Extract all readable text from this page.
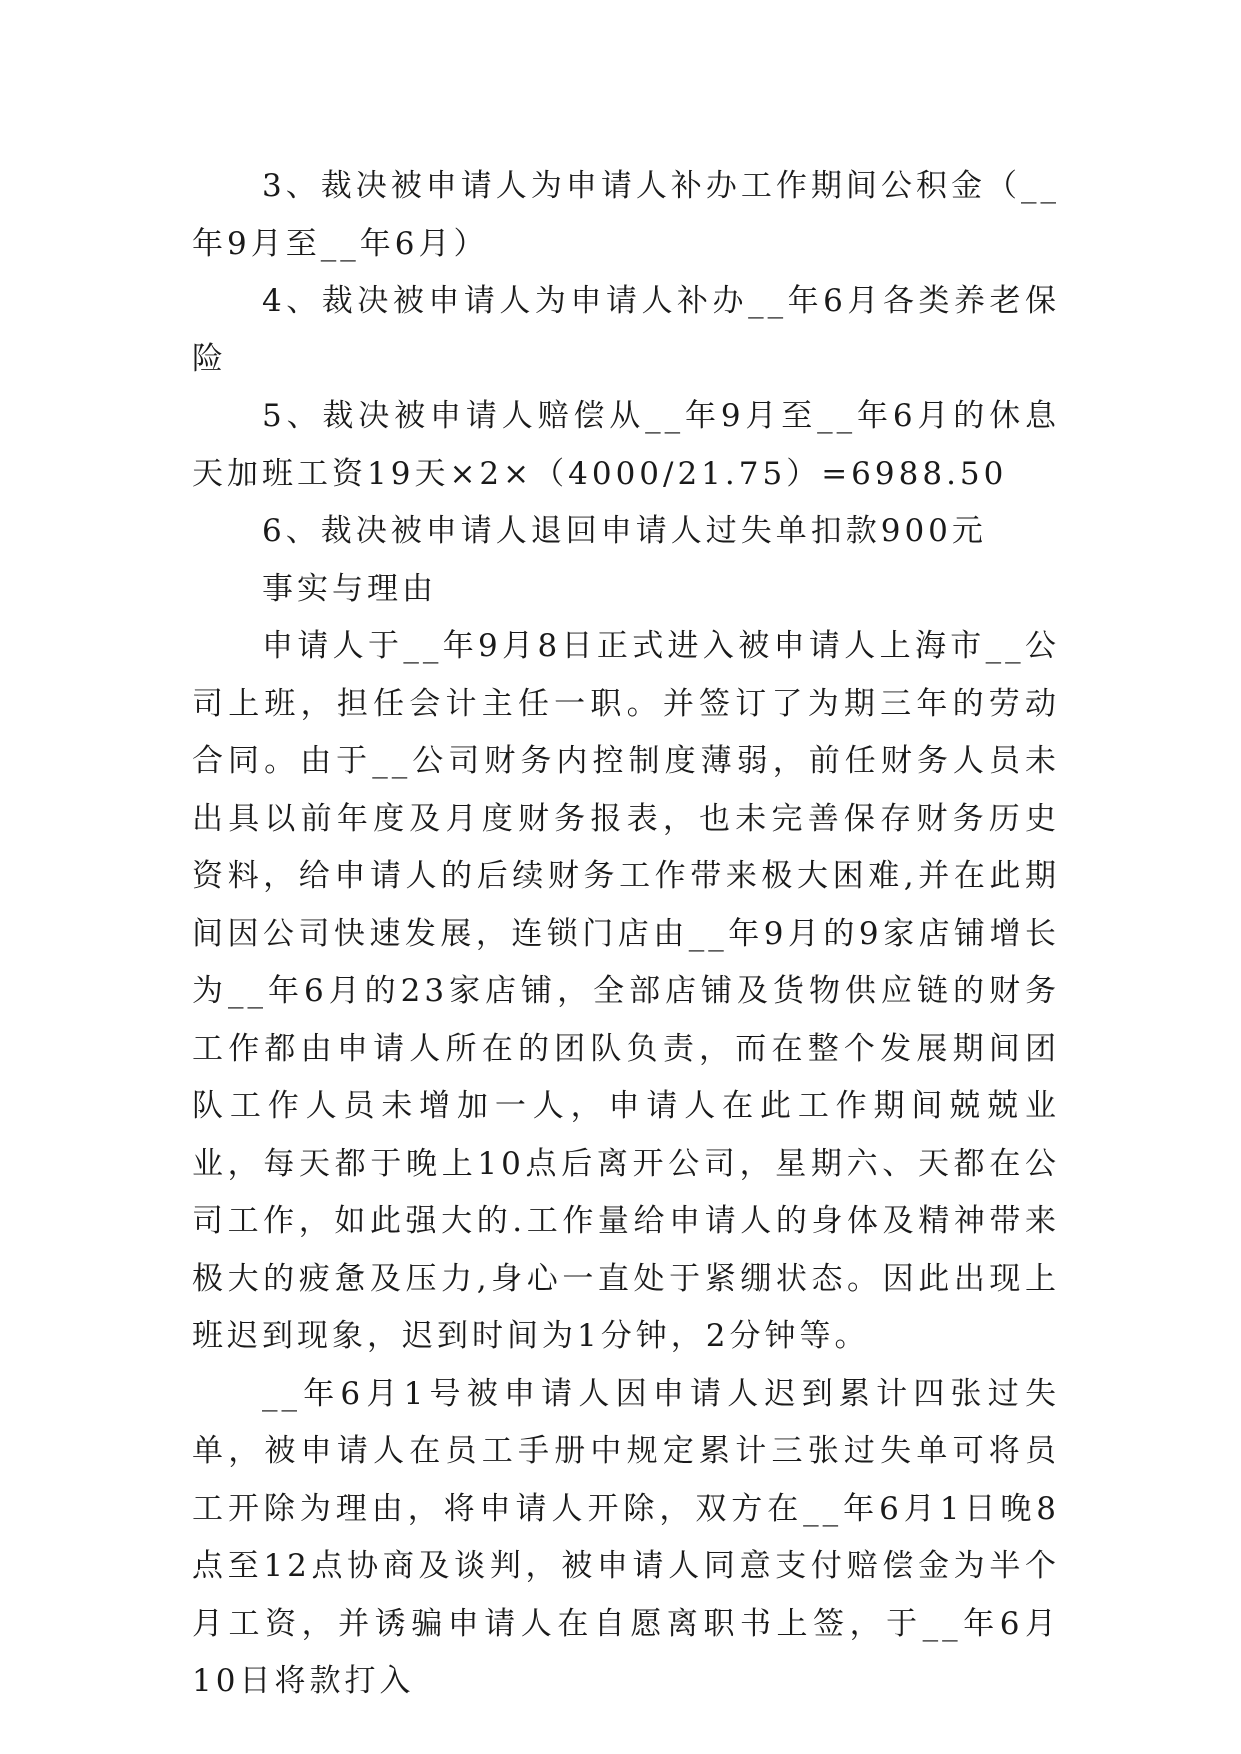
3、裁决被申请人为申请人补办工作期间公积金（__年9月至__年6月）

4、裁决被申请人为申请人补办__年6月各类养老保险

5、裁决被申请人赔偿从__年9月至__年6月的休息天加班工资19天×2×（4000/21.75）=6988.50

6、裁决被申请人退回申请人过失单扣款900元

事实与理由

申请人于__年9月8日正式进入被申请人上海市__公司上班，担任会计主任一职。并签订了为期三年的劳动合同。由于__公司财务内控制度薄弱，前任财务人员未出具以前年度及月度财务报表，也未完善保存财务历史资料，给申请人的后续财务工作带来极大困难,并在此期间因公司快速发展，连锁门店由__年9月的9家店铺增长为__年6月的23家店铺，全部店铺及货物供应链的财务工作都由申请人所在的团队负责，而在整个发展期间团队工作人员未增加一人，申请人在此工作期间兢兢业业，每天都于晚上10点后离开公司，星期六、天都在公司工作，如此强大的.工作量给申请人的身体及精神带来极大的疲惫及压力,身心一直处于紧绷状态。因此出现上班迟到现象，迟到时间为1分钟，2分钟等。

__年6月1号被申请人因申请人迟到累计四张过失单，被申请人在员工手册中规定累计三张过失单可将员工开除为理由，将申请人开除，双方在__年6月1日晚8点至12点协商及谈判，被申请人同意支付赔偿金为半个月工资，并诱骗申请人在自愿离职书上签，于__年6月10日将款打入
